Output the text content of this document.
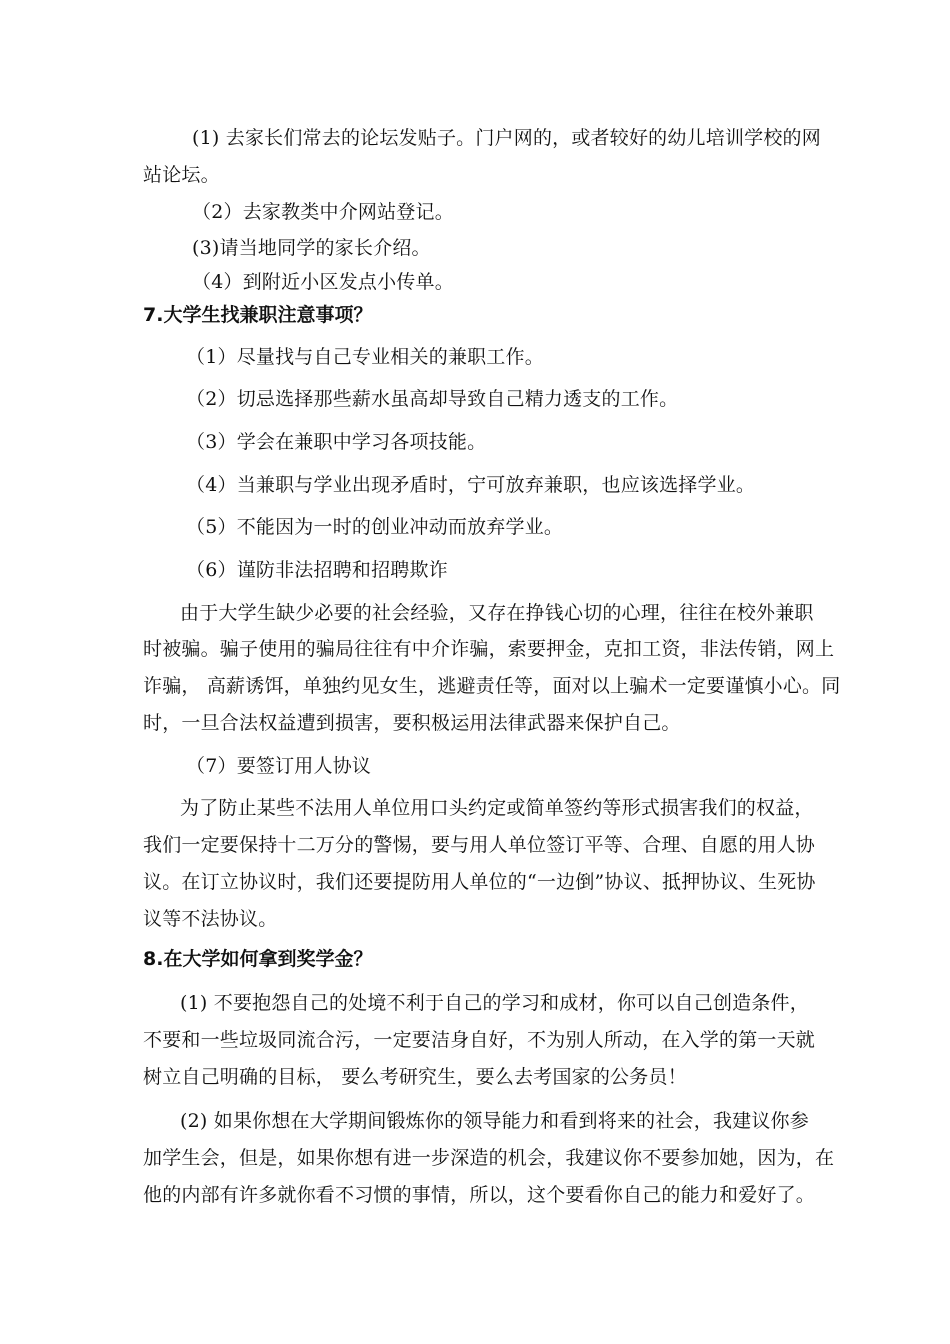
(1) 去家长们常去的论坛发贴子。门户网的，或者较好的幼儿培训学校的网
站论坛。
（2）去家教类中介网站登记。
(3)请当地同学的家长介绍。
（4）到附近小区发点小传单。
7.大学生找兼职注意事项？
（1）尽量找与自己专业相关的兼职工作。
（2）切忌选择那些薪水虽高却导致自己精力透支的工作。
（3）学会在兼职中学习各项技能。
（4）当兼职与学业出现矛盾时，宁可放弃兼职，也应该选择学业。
（5）不能因为一时的创业冲动而放弃学业。
（6）谨防非法招聘和招聘欺诈
由于大学生缺少必要的社会经验，又存在挣钱心切的心理，往往在校外兼职
时被骗。骗子使用的骗局往往有中介诈骗，索要押金，克扣工资，非法传销，网上
诈骗， 高薪诱饵，单独约见女生，逃避责任等，面对以上骗术一定要谨慎小心。同
时，一旦合法权益遭到损害，要积极运用法律武器来保护自己。
（7）要签订用人协议
为了防止某些不法用人单位用口头约定或简单签约等形式损害我们的权益，
我们一定要保持十二万分的警惕，要与用人单位签订平等、合理、自愿的用人协
议。在订立协议时，我们还要提防用人单位的“一边倒”协议、抵押协议、生死协
议等不法协议。
8.在大学如何拿到奖学金？
(1) 不要抱怨自己的处境不利于自己的学习和成材，你可以自己创造条件，
不要和一些垃圾同流合污，一定要洁身自好，不为别人所动，在入学的第一天就
树立自己明确的目标， 要么考研究生，要么去考国家的公务员！
(2) 如果你想在大学期间锻炼你的领导能力和看到将来的社会，我建议你参
加学生会，但是，如果你想有进一步深造的机会，我建议你不要参加她，因为，在
他的内部有许多就你看不习惯的事情，所以，这个要看你自己的能力和爱好了。
